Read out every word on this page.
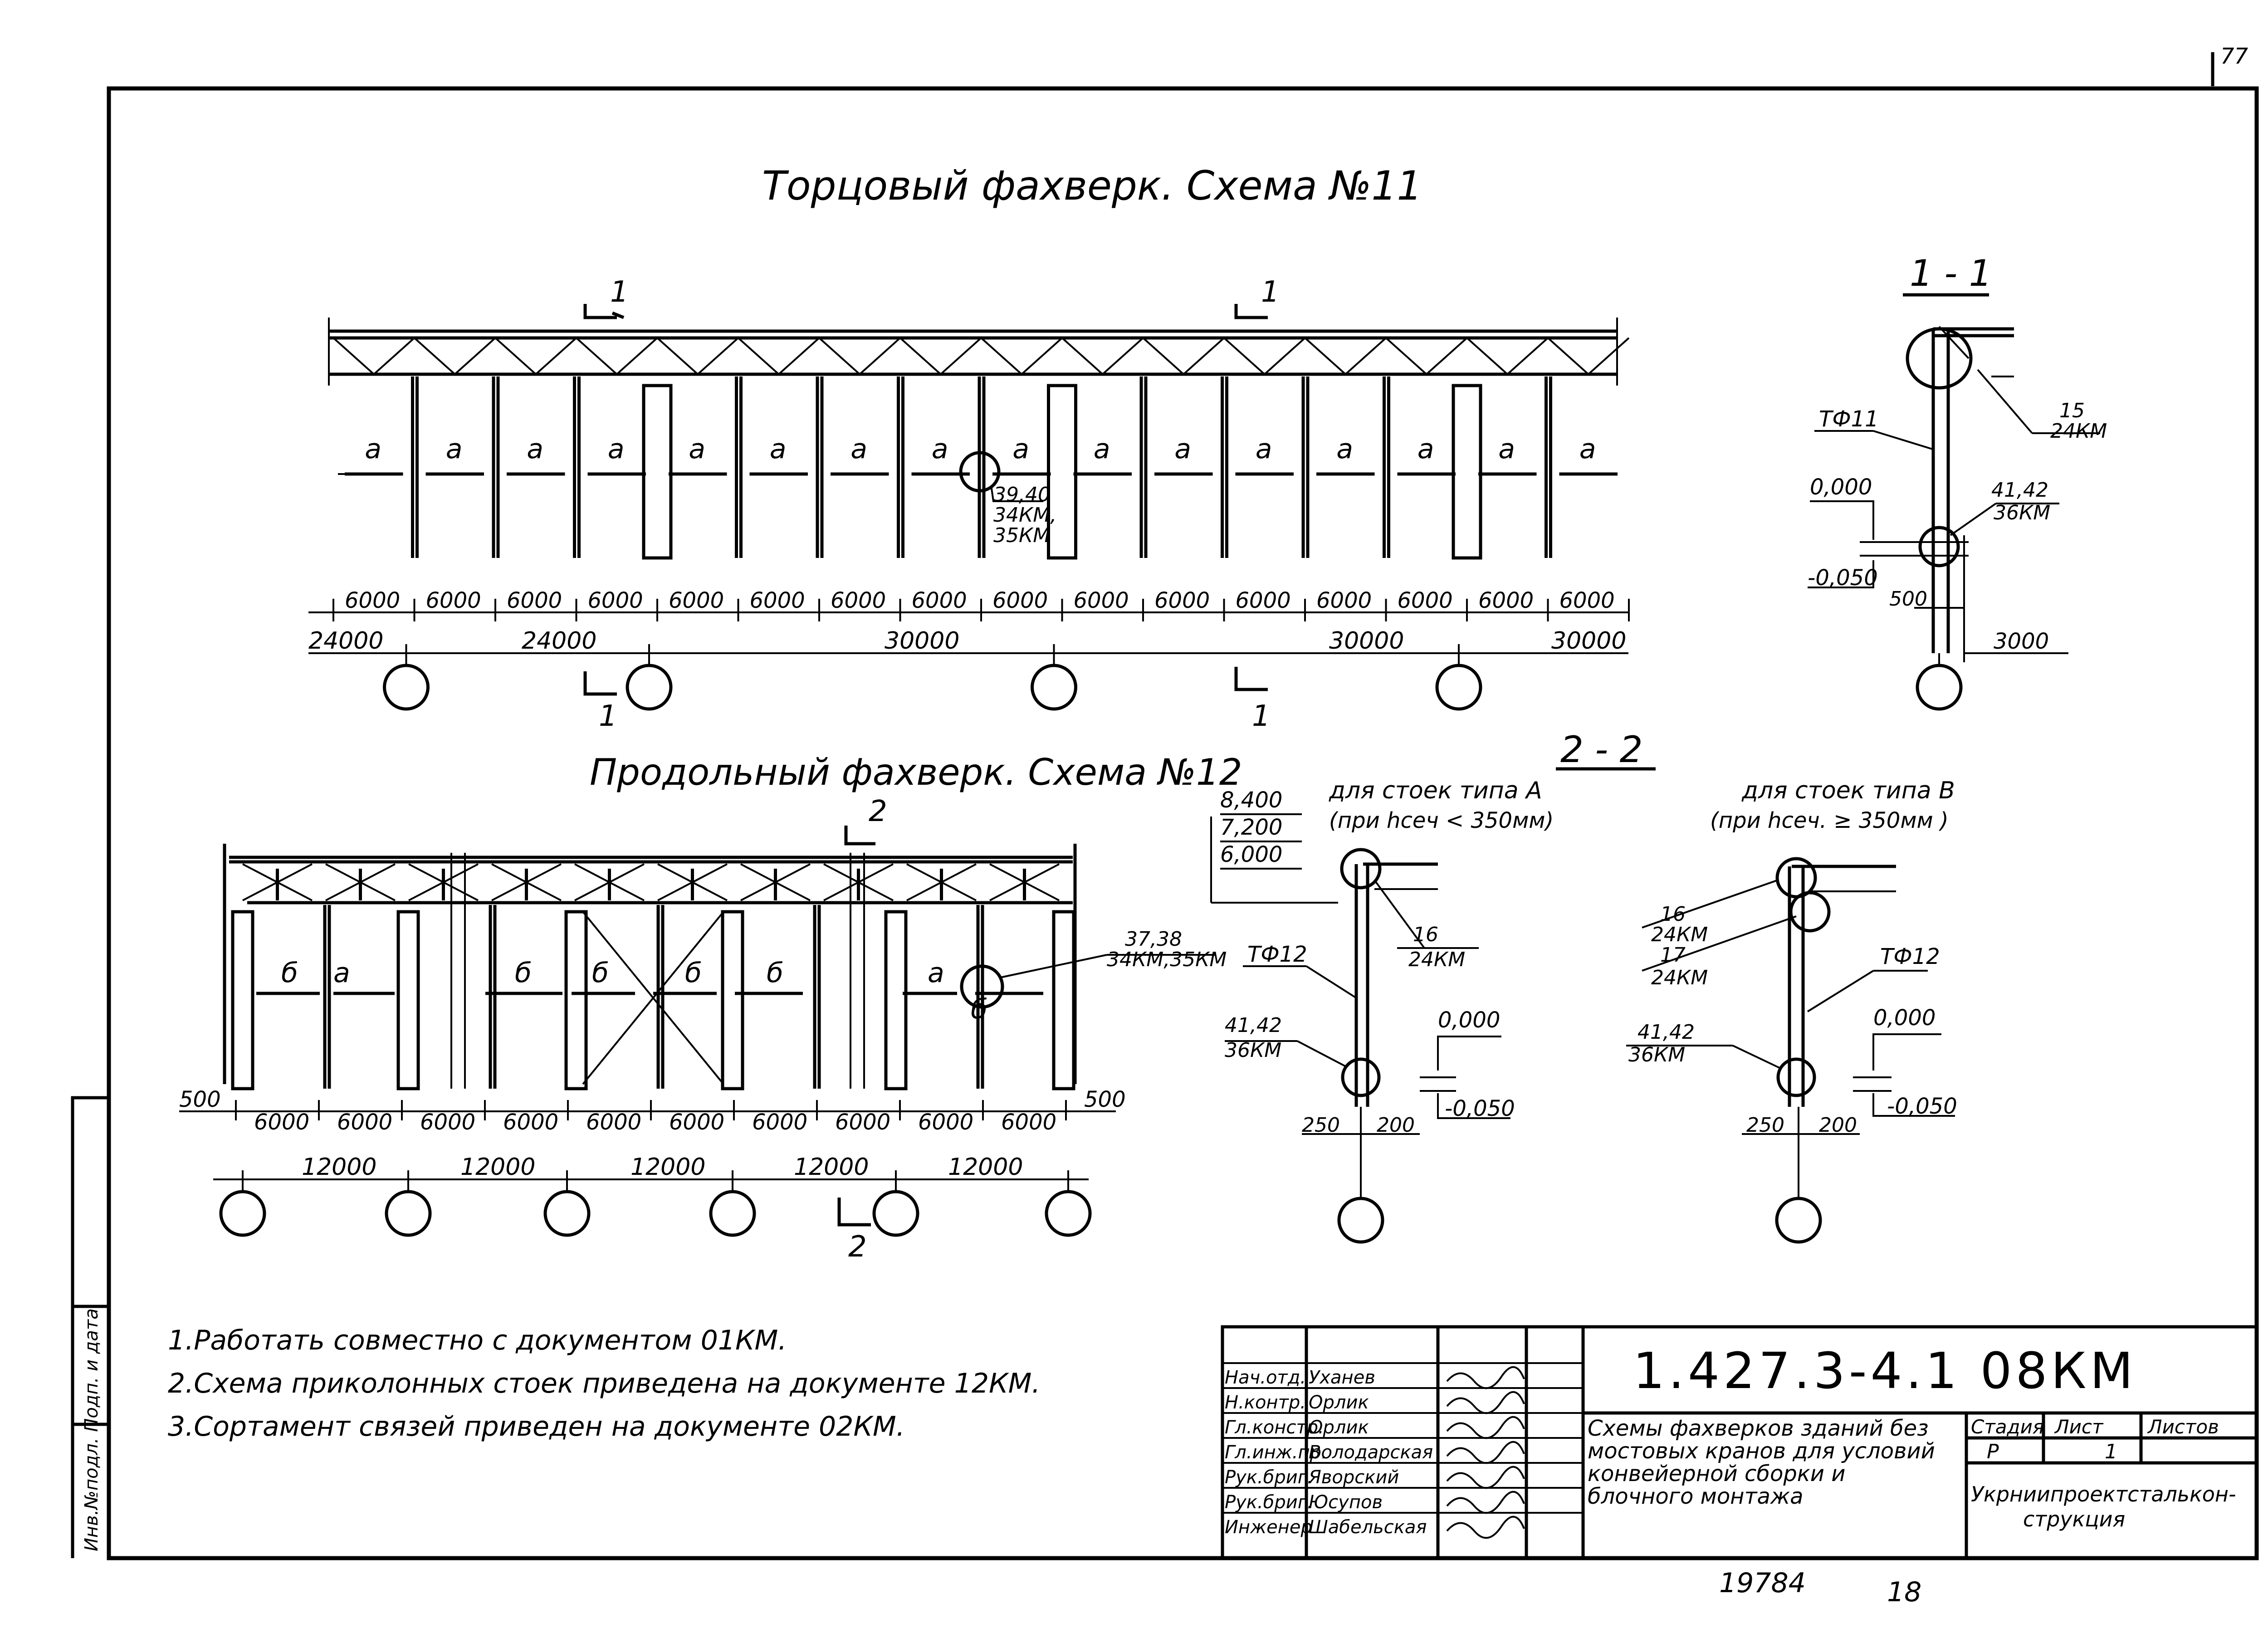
77
Инв.№подл. Подп. и дата
Торцовый фахверк. Схема №11
а а а а а а а а а а а а а а а а
1	1
1	1
39,40
34КМ,
35КМ
6000 6000 6000 6000 6000 6000 6000 6000 6000 6000 6000 6000 6000 6000 6000 6000
24000	24000	30000	30000	30000
1 - 1
15
24КМ
ТФ11
41,42
36КМ
0,000
-0,050
500
3000
Продольный фахверк. Схема №12
б а	б б	б б	а
б
2
2
37,38
34КМ,35КМ
500	500
6000 6000 6000 6000 6000 6000 6000 6000 6000 6000
12000	12000	12000	12000	12000
2 - 2
8,400
7,200
6,000
для стоек типа А
(при hсеч < 350мм)
16
24КМ
ТФ12
41,42
36КМ
0,000
-0,050
250 200
для стоек типа В
(при hсеч. ≥ 350мм )
16
24КМ
17
24КМ
ТФ12
41,42
36КМ
0,000
-0,050
250 200
1.Работать совместно с документом 01КМ.
2.Схема приколонных стоек приведена на документе 12КМ.
3.Сортамент связей приведен на документе 02КМ.
Нач.отд. Уханев
Н.контр. Орлик
Гл.констр.
Орлик
Гл.инж.пр.
Володарская
Рук.бриг.
Яворский
Рук.бриг.
Юсупов
Инженер
Шабельская
1.427.3-4.1 08КМ
Схемы фахверков зданий без
мостовых кранов для условий
конвейерной сборки и
блочного монтажа
Стадия Лист Листов
Р	1
Укрниипроектсталькон-
струкция
19784	18
